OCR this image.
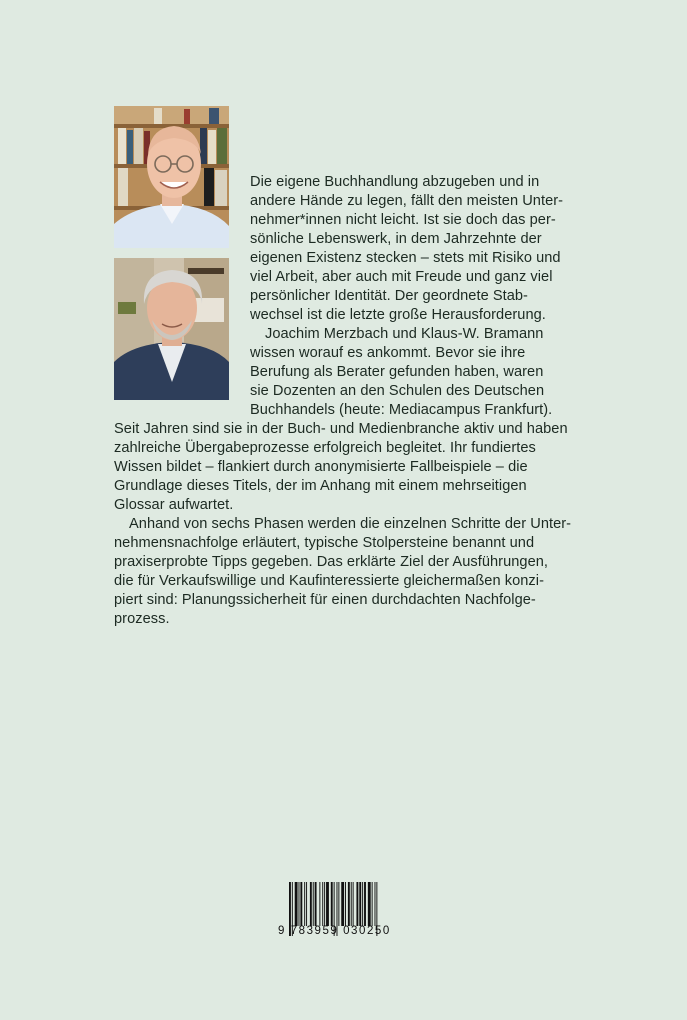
Die eigene Buchhandlung abzugeben und in
andere Hände zu legen, fällt den meisten Unter-
nehmer*innen nicht leicht. Ist sie doch das per-
sönliche Lebenswerk, in dem Jahrzehnte der
eigenen Existenz stecken – stets mit Risiko und
viel Arbeit, aber auch mit Freude und ganz viel
persönlicher Identität. Der geordnete Stab-
wechsel ist die letzte große Herausforderung.
Joachim Merzbach und Klaus-W. Bramann
wissen worauf es ankommt. Bevor sie ihre
Berufung als Berater gefunden haben, waren
sie Dozenten an den Schulen des Deutschen
Buchhandels (heute: Mediacampus Frankfurt).
Seit Jahren sind sie in der Buch- und Medienbranche aktiv und haben
zahlreiche Übergabeprozesse erfolgreich begleitet. Ihr fundiertes
Wissen bildet – flankiert durch anonymisierte Fallbeispiele – die
Grundlage dieses Titels, der im Anhang mit einem mehrseitigen
Glossar aufwartet.
Anhand von sechs Phasen werden die einzelnen Schritte der Unter-
nehmensnachfolge erläutert, typische Stolpersteine benannt und
praxiserprobte Tipps gegeben. Das erklärte Ziel der Ausführungen,
die für Verkaufswillige und Kaufinteressierte gleichermaßen konzi-
piert sind: Planungssicherheit für einen durchdachten Nachfolge-
prozess.
9 783959 030250
